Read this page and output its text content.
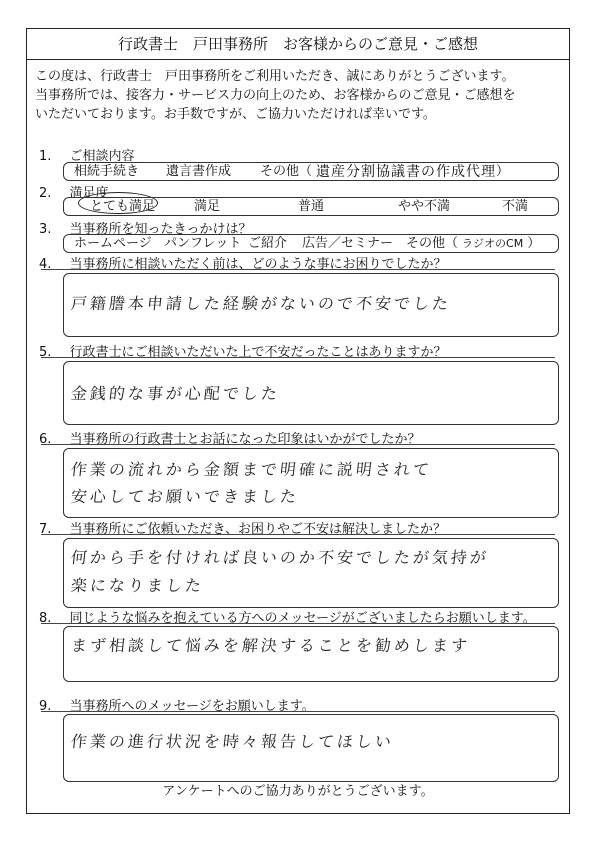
行政書士　戸田事務所　お客様からのご意見・ご感想
この度は、行政書士　戸田事務所をご利用いただき、誠にありがとうございます。
当事務所では、接客力・サービス力の向上のため、お客様からのご意見・ご感想を
いただいております。お手数ですが、ご協力いただければ幸いです。
1. ご相談内容
相続手続き	遺言書作成	その他（ 遺産分割協議書の作成代理 ）
2. 満足度
とても満足	満足	普通	やや不満	不満
3. 当事務所を知ったきっかけは？
ホームページ パンフレット ご紹介	広告／セミナー その他（ ラジオのCM ）
4. 当事務所に相談いただく前は、どのような事にお困りでしたか？
戸籍謄本申請した経験がないので不安でした
5. 行政書士にご相談いただいた上で不安だったことはありますか？
金銭的な事が心配でした
6. 当事務所の行政書士とお話になった印象はいかがでしたか？
作業の流れから金額まで明確に説明されて
安心してお願いできました
7. 当事務所にご依頼いただき、お困りやご不安は解決しましたか？
何から手を付ければ良いのか不安でしたが気持が
楽になりました
8. 同じような悩みを抱えている方へのメッセージがございましたらお願いします。
まず相談して悩みを解決することを勧めします
9. 当事務所へのメッセージをお願いします。
作業の進行状況を時々報告してほしい
アンケートへのご協力ありがとうございます。
